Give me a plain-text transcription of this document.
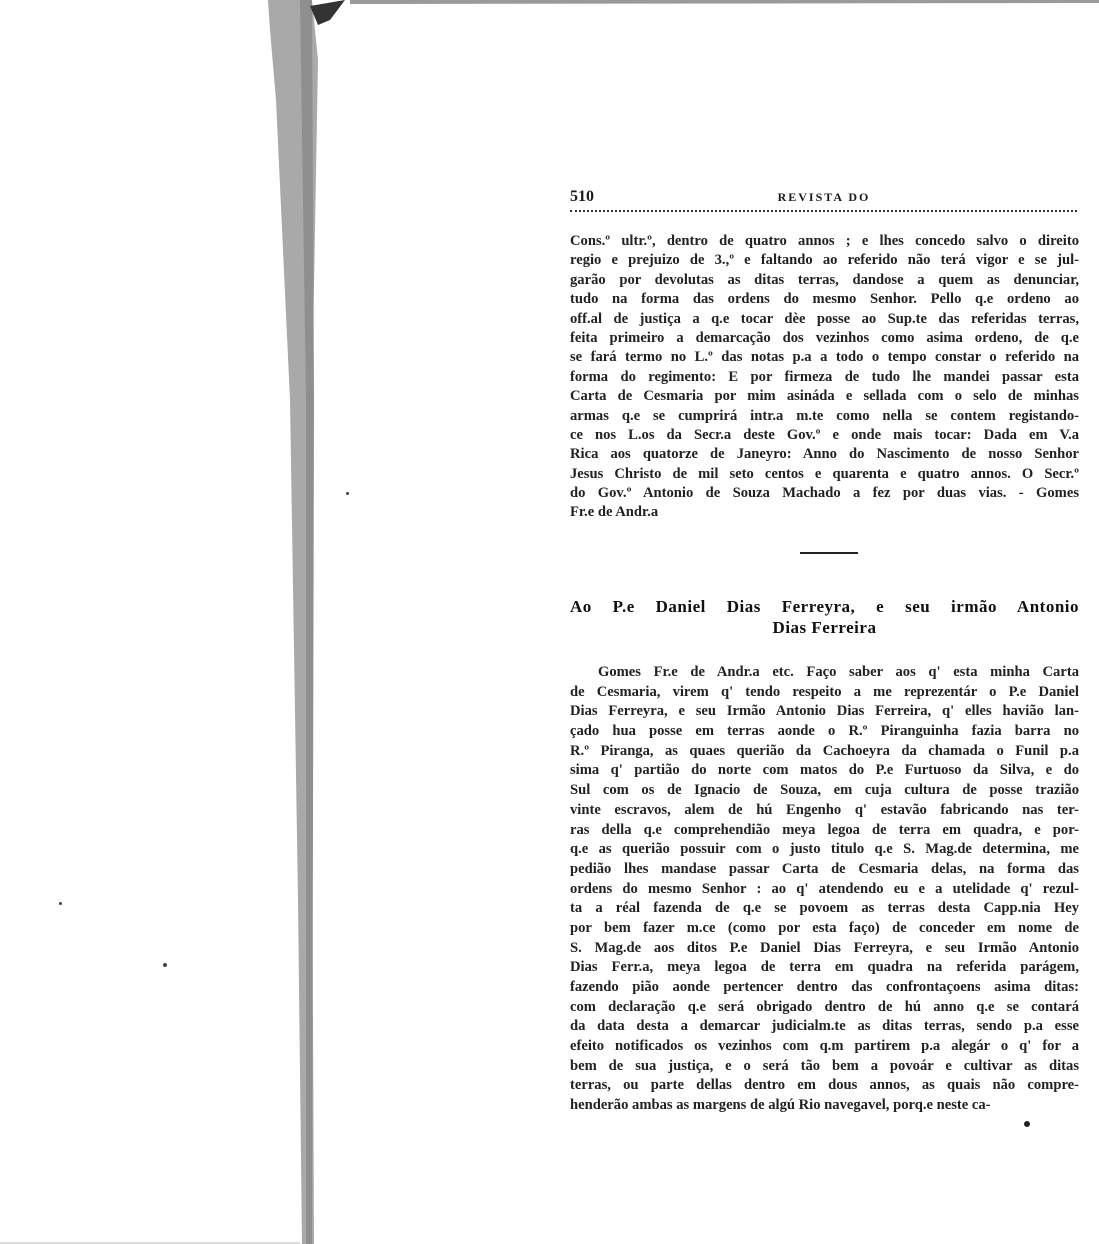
510	REVISTA DO
Cons.º ultr.º, dentro de quatro annos ; e lhes concedo salvo o direito
regio e prejuizo de 3.,º e faltando ao referido não terá vigor e se jul-
garão por devolutas as ditas terras, dandose a quem as denunciar,
tudo na forma das ordens do mesmo Senhor. Pello q.e ordeno ao
off.al de justiça a q.e tocar dèe posse ao Sup.te das referidas terras,
feita primeiro a demarcação dos vezinhos como asima ordeno, de q.e
se fará termo no L.º das notas p.a a todo o tempo constar o referido na
forma do regimento: E por firmeza de tudo lhe mandei passar esta
Carta de Cesmaria por mim asináda e sellada com o selo de minhas
armas q.e se cumprirá intr.a m.te como nella se contem registando-
ce nos L.os da Secr.a deste Gov.º e onde mais tocar: Dada em V.a
Rica aos quatorze de Janeyro: Anno do Nascimento de nosso Senhor
Jesus Christo de mil seto centos e quarenta e quatro annos. O Secr.º
do Gov.º Antonio de Souza Machado a fez por duas vias. - Gomes
Fr.e de Andr.a
Ao P.e Daniel Dias Ferreyra, e seu irmão Antonio
Dias Ferreira
Gomes Fr.e de Andr.a etc. Faço saber aos q' esta minha Carta
de Cesmaria, virem q' tendo respeito a me reprezentár o P.e Daniel
Dias Ferreyra, e seu Irmão Antonio Dias Ferreira, q' elles havião lan-
çado hua posse em terras aonde o R.º Piranguinha fazia barra no
R.º Piranga, as quaes querião da Cachoeyra da chamada o Funil p.a
sima q' partião do norte com matos do P.e Furtuoso da Silva, e do
Sul com os de Ignacio de Souza, em cuja cultura de posse trazião
vinte escravos, alem de hú Engenho q' estavão fabricando nas ter-
ras della q.e comprehendião meya legoa de terra em quadra, e por-
q.e as querião possuir com o justo titulo q.e S. Mag.de determina, me
pedião lhes mandase passar Carta de Cesmaria delas, na forma das
ordens do mesmo Senhor : ao q' atendendo eu e a utelidade q' rezul-
ta a réal fazenda de q.e se povoem as terras desta Capp.nia Hey
por bem fazer m.ce (como por esta faço) de conceder em nome de
S. Mag.de aos ditos P.e Daniel Dias Ferreyra, e seu Irmão Antonio
Dias Ferr.a, meya legoa de terra em quadra na referida parágem,
fazendo pião aonde pertencer dentro das confrontaçoens asima ditas:
com declaração q.e será obrigado dentro de hú anno q.e se contará
da data desta a demarcar judicialm.te as ditas terras, sendo p.a esse
efeito notificados os vezinhos com q.m partirem p.a alegár o q' for a
bem de sua justiça, e o será tão bem a povoár e cultivar as ditas
terras, ou parte dellas dentro em dous annos, as quais não compre-
henderão ambas as margens de algú Rio navegavel, porq.e neste ca-
